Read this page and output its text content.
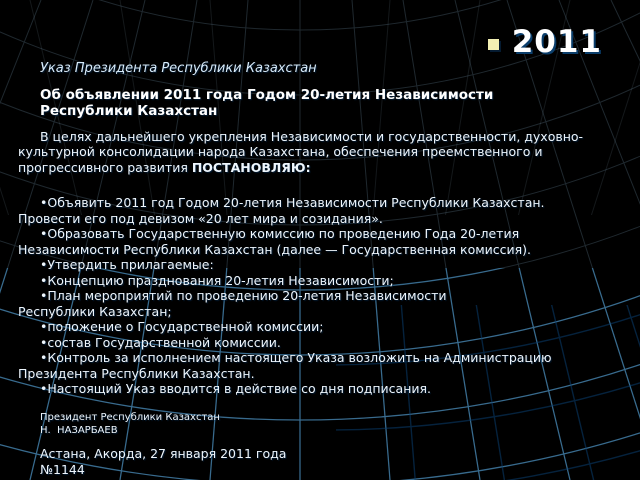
2011

Указ Президента Республики Казахстан

Об объявлении 2011 года Годом 20-летия Независимости Республики Казахстан

В целях дальнейшего укрепления Независимости и государственности, духовно-культурной консолидации народа Казахстана, обеспечения преемственного и прогрессивного развития ПОСТАНОВЛЯЮ:

•Объявить 2011 год Годом 20-летия Независимости Республики Казахстан. Провести его под девизом «20 лет мира и созидания».

•Образовать Государственную комиссию по проведению Года 20-летия Независимости Республики Казахстан (далее — Государственная комиссия).

•Утвердить прилагаемые:

•Концепцию празднования 20-летия Независимости;

•План мероприятий по проведению 20-летия Независимости Республики Казахстан;

•положение о Государственной комиссии;

•состав Государственной комиссии.

•Контроль за исполнением настоящего Указа возложить на Администрацию Президента Республики Казахстан.

•Настоящий Указ вводится в действие со дня подписания.

Президент Республики Казахстан
Н.  НАЗАРБАЕВ
Астана, Акорда, 27 января 2011 года
№1144
